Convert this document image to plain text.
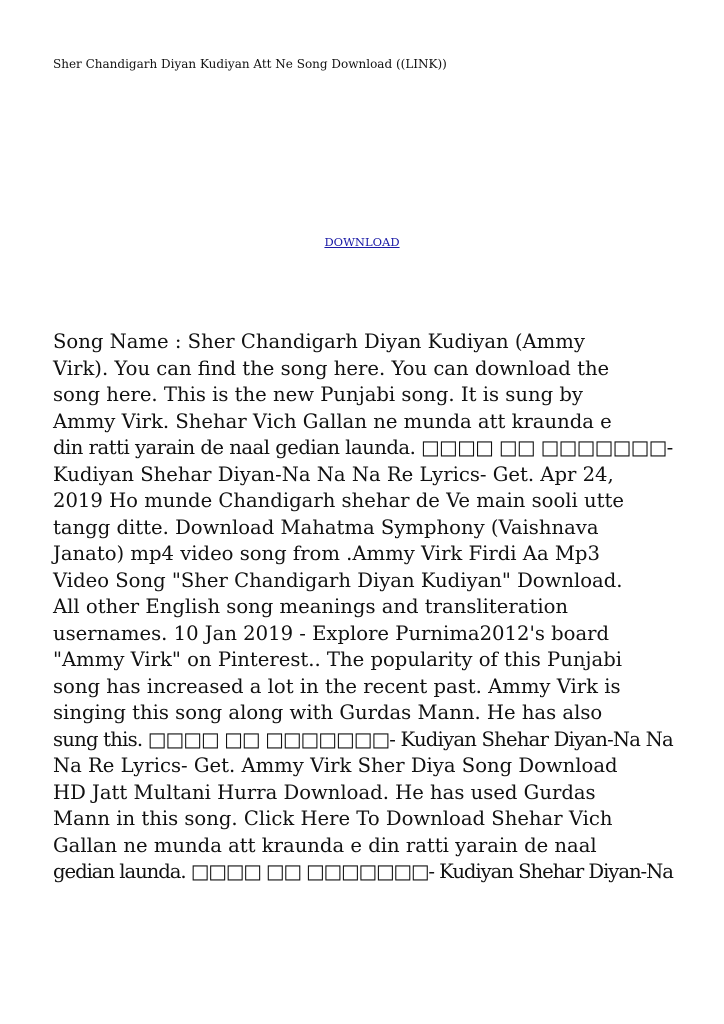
Sher Chandigarh Diyan Kudiyan Att Ne Song Download ((LINK))
DOWNLOAD
Song Name : Sher Chandigarh Diyan Kudiyan (Ammy
Virk). You can find the song here. You can download the
song here. This is the new Punjabi song. It is sung by
Ammy Virk. Shehar Vich Gallan ne munda att kraunda e
din ratti yarain de naal gedian launda. □□□□ □□ □□□□□□□-
Kudiyan Shehar Diyan-Na Na Na Re Lyrics- Get. Apr 24,
2019 Ho munde Chandigarh shehar de Ve main sooli utte
tangg ditte. Download Mahatma Symphony (Vaishnava
Janato) mp4 video song from .Ammy Virk Firdi Aa Mp3
Video Song "Sher Chandigarh Diyan Kudiyan" Download.
All other English song meanings and transliteration
usernames. 10 Jan 2019 - Explore Purnima2012's board
"Ammy Virk" on Pinterest.. The popularity of this Punjabi
song has increased a lot in the recent past. Ammy Virk is
singing this song along with Gurdas Mann. He has also
sung this. □□□□ □□ □□□□□□□- Kudiyan Shehar Diyan-Na Na
Na Re Lyrics- Get. Ammy Virk Sher Diya Song Download
HD Jatt Multani Hurra Download. He has used Gurdas
Mann in this song. Click Here To Download Shehar Vich
Gallan ne munda att kraunda e din ratti yarain de naal
gedian launda. □□□□ □□ □□□□□□□- Kudiyan Shehar Diyan-Na
